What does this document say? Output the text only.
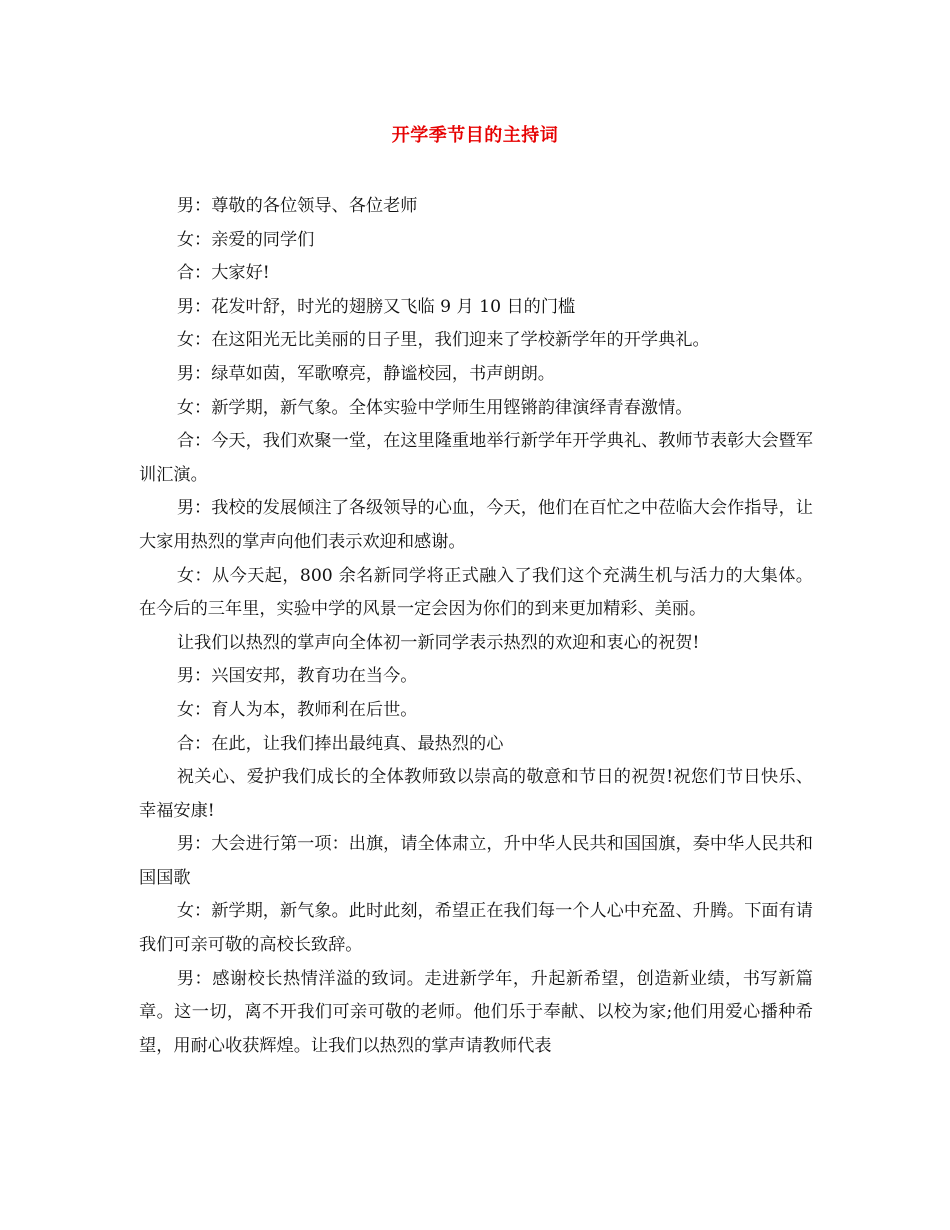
开学季节目的主持词

男：尊敬的各位领导、各位老师

女：亲爱的同学们

合：大家好!

男：花发叶舒，时光的翅膀又飞临 9 月 10 日的门槛

女：在这阳光无比美丽的日子里，我们迎来了学校新学年的开学典礼。

男：绿草如茵，军歌嘹亮，静谧校园，书声朗朗。

女：新学期，新气象。全体实验中学师生用铿锵韵律演绎青春激情。

合：今天，我们欢聚一堂，在这里隆重地举行新学年开学典礼、教师节表彰大会暨军训汇演。

男：我校的发展倾注了各级领导的心血，今天，他们在百忙之中莅临大会作指导，让大家用热烈的掌声向他们表示欢迎和感谢。

女：从今天起，800 余名新同学将正式融入了我们这个充满生机与活力的大集体。在今后的三年里，实验中学的风景一定会因为你们的到来更加精彩、美丽。

让我们以热烈的掌声向全体初一新同学表示热烈的欢迎和衷心的祝贺!

男：兴国安邦，教育功在当今。

女：育人为本，教师利在后世。

合：在此，让我们捧出最纯真、最热烈的心

祝关心、爱护我们成长的全体教师致以崇高的敬意和节日的祝贺!祝您们节日快乐、幸福安康!

男：大会进行第一项：出旗，请全体肃立，升中华人民共和国国旗，奏中华人民共和国国歌

女：新学期，新气象。此时此刻，希望正在我们每一个人心中充盈、升腾。下面有请我们可亲可敬的高校长致辞。

男：感谢校长热情洋溢的致词。走进新学年，升起新希望，创造新业绩，书写新篇章。这一切，离不开我们可亲可敬的老师。他们乐于奉献、以校为家;他们用爱心播种希望，用耐心收获辉煌。让我们以热烈的掌声请教师代表
